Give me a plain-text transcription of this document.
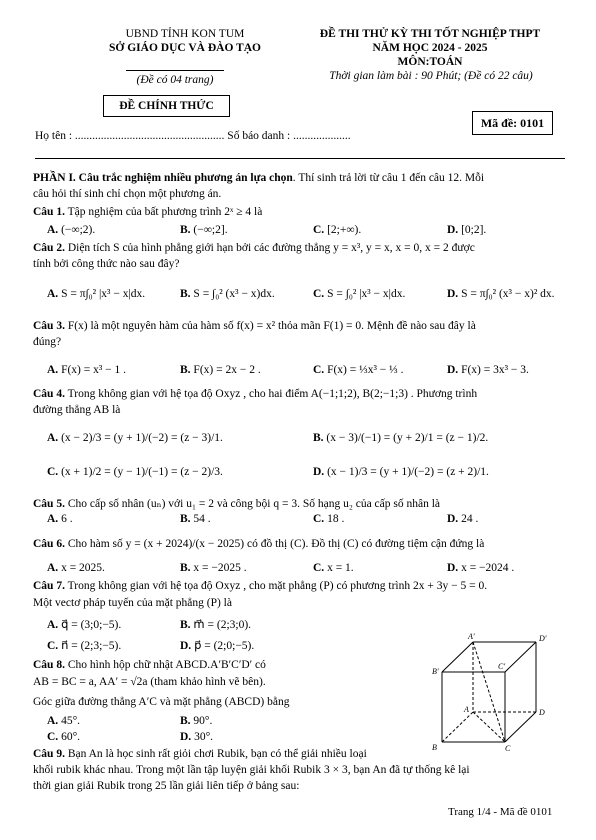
UBND TỈNH KON TUM
SỞ GIÁO DỤC VÀ ĐÀO TẠO
(Đề có 04 trang)
ĐỀ CHÍNH THỨC
ĐỀ THI THỬ KỲ THI TỐT NGHIỆP THPT
NĂM HỌC 2024 - 2025
MÔN:TOÁN
Thời gian làm bài : 90 Phút; (Đề có 22 câu)
Mã đề: 0101
Họ tên : .................................................... Số báo danh : ....................

PHẦN I. Câu trắc nghiệm nhiều phương án lựa chọn. Thí sinh trả lời từ câu 1 đến câu 12. Mỗi

câu hỏi thí sinh chỉ chọn một phương án.

Câu 1. Tập nghiệm của bất phương trình 2ˣ ≥ 4 là

A. (−∞;2).	B. (−∞;2].	C. [2;+∞).	D. [0;2].

Câu 2. Diện tích S của hình phẳng giới hạn bởi các đường thẳng y = x³, y = x, x = 0, x = 2 được

tính bởi công thức nào sau đây?

A. S = π∫₀² |x³ − x|dx.	B. S = ∫₀² (x³ − x)dx.	C. S = ∫₀² |x³ − x|dx.	D. S = π∫₀² (x³ − x)² dx.

Câu 3. F(x) là một nguyên hàm của hàm số f(x) = x² thỏa mãn F(1) = 0. Mệnh đề nào sau đây là

đúng?

A. F(x) = x³ − 1 .	B. F(x) = 2x − 2 .	C. F(x) = ⅓x³ − ⅓ .	D. F(x) = 3x³ − 3.

Câu 4. Trong không gian với hệ tọa độ Oxyz , cho hai điểm A(−1;1;2), B(2;−1;3) . Phương trình

đường thẳng AB là

A. (x − 2)/3 = (y + 1)/(−2) = (z − 3)/1.	B. (x − 3)/(−1) = (y + 2)/1 = (z − 1)/2.
C. (x + 1)/2 = (y − 1)/(−1) = (z − 2)/3.	D. (x − 1)/3 = (y + 1)/(−2) = (z + 2)/1.

Câu 5. Cho cấp số nhân (uₙ) với u₁ = 2 và công bội q = 3. Số hạng u₂ của cấp số nhân là

A. 6 .	B. 54 .	C. 18 .	D. 24 .

Câu 6. Cho hàm số y = (x + 2024)/(x − 2025) có đồ thị (C). Đồ thị (C) có đường tiệm cận đứng là

A. x = 2025.	B. x = −2025 .	C. x = 1.	D. x = −2024 .

Câu 7. Trong không gian với hệ tọa độ Oxyz , cho mặt phẳng (P) có phương trình 2x + 3y − 5 = 0.

Một vectơ pháp tuyến của mặt phẳng (P) là

A. q⃗ = (3;0;−5).	B. m⃗ = (2;3;0).
C. n⃗ = (2;3;−5).	D. p⃗ = (2;0;−5).

Câu 8. Cho hình hộp chữ nhật ABCD.A′B′C′D′ có

AB = BC = a, AA′ = √2a (tham khảo hình vẽ bên).

Góc giữa đường thẳng A′C và mặt phẳng (ABCD) bằng

A. 45°.	B. 90°.
C. 60°.	D. 30°.
A′	D′
B′
C′
A	D
B	C

Câu 9. Bạn An là học sinh rất giỏi chơi Rubik, bạn có thể giải nhiều loại

khối rubik khác nhau. Trong một lần tập luyện giải khối Rubik 3 × 3, bạn An đã tự thống kê lại

thời gian giải Rubik trong 25 lần giải liên tiếp ở bảng sau:

Trang 1/4 - Mã đề 0101
